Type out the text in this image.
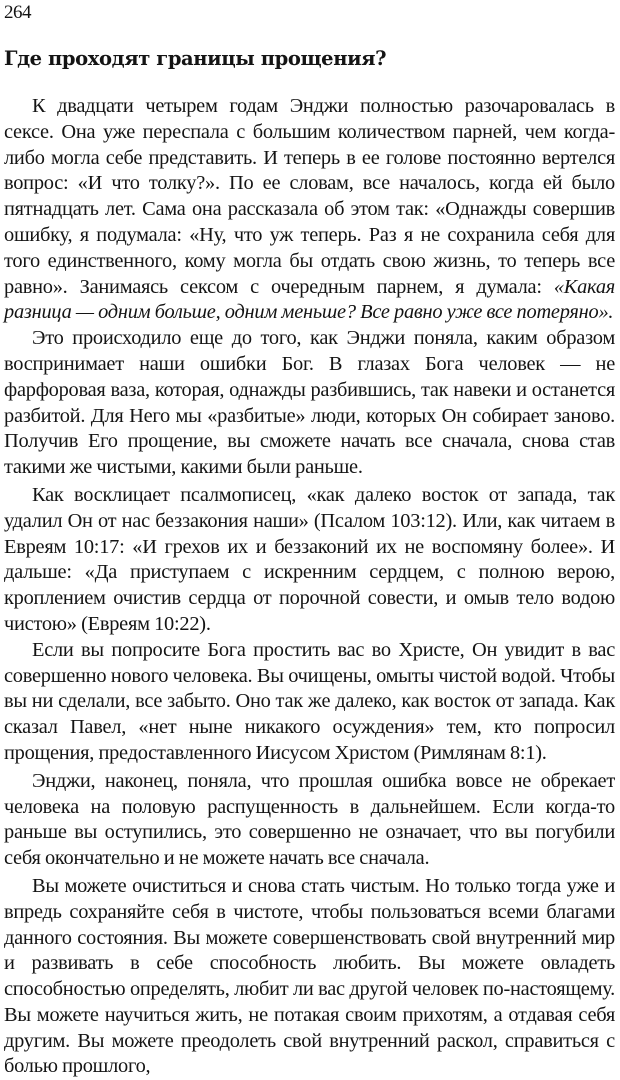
264
Где проходят границы прощения?

К двадцати четырем годам Энджи полностью разочаровалась в сексе. Она уже переспала с большим количеством парней, чем когда-либо могла себе представить. И теперь в ее голове постоянно вертелся вопрос: «И что толку?». По ее словам, все началось, когда ей было пятнадцать лет. Сама она рассказала об этом так: «Однажды совершив ошибку, я подумала: «Ну, что уж теперь. Раз я не сохранила себя для того единственного, кому могла бы отдать свою жизнь, то теперь все равно». Занимаясь сексом с очередным парнем, я думала: «Какая разница — одним больше, одним меньше? Все равно уже все потеряно».

Это происходило еще до того, как Энджи поняла, каким образом воспринимает наши ошибки Бог. В глазах Бога человек — не фарфоровая ваза, которая, однажды разбившись, так навеки и останется разбитой. Для Него мы «разбитые» люди, которых Он собирает заново. Получив Его прощение, вы сможете начать все сначала, снова став такими же чистыми, какими были раньше.

Как восклицает псалмописец, «как далеко восток от запада, так удалил Он от нас беззакония наши» (Псалом 103:12). Или, как читаем в Евреям 10:17: «И грехов их и беззаконий их не воспомяну более». И дальше: «Да приступаем с искренним сердцем, с полною верою, кроплением очистив сердца от порочной совести, и омыв тело водою чистою» (Евреям 10:22).

Если вы попросите Бога простить вас во Христе, Он увидит в вас совершенно нового человека. Вы очищены, омыты чистой водой. Чтобы вы ни сделали, все забыто. Оно так же далеко, как восток от запада. Как сказал Павел, «нет ныне никакого осуждения» тем, кто попросил прощения, предоставленного Иисусом Христом (Римлянам 8:1).

Энджи, наконец, поняла, что прошлая ошибка вовсе не обрекает человека на половую распущенность в дальнейшем. Если когда-то раньше вы оступились, это совершенно не означает, что вы погубили себя окончательно и не можете начать все сначала.

Вы можете очиститься и снова стать чистым. Но только тогда уже и впредь сохраняйте себя в чистоте, чтобы пользоваться всеми благами данного состояния. Вы можете совершенствовать свой внутренний мир и развивать в себе способность любить. Вы можете овладеть способностью определять, любит ли вас другой человек по-настоящему. Вы можете научиться жить, не потакая своим прихотям, а отдавая себя другим. Вы можете преодолеть свой внутренний раскол, справиться с болью прошлого,
